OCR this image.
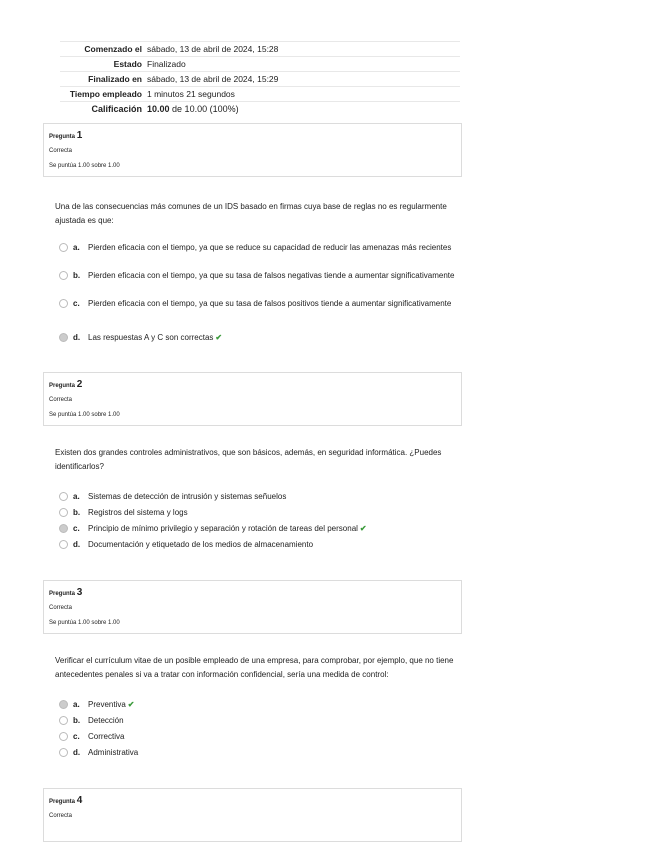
Comenzado el sábado, 13 de abril de 2024, 15:28
Estado Finalizado
Finalizado en sábado, 13 de abril de 2024, 15:29
Tiempo empleado 1 minutos 21 segundos
Calificación 10.00 de 10.00 (100%)
Pregunta 1
Correcta
Se puntúa 1.00 sobre 1.00
Una de las consecuencias más comunes de un IDS basado en firmas cuya base de reglas no es regularmente ajustada es que:
a. Pierden eficacia con el tiempo, ya que se reduce su capacidad de reducir las amenazas más recientes
b. Pierden eficacia con el tiempo, ya que su tasa de falsos negativas tiende a aumentar significativamente
c. Pierden eficacia con el tiempo, ya que su tasa de falsos positivos tiende a aumentar significativamente
d. Las respuestas A y C son correctas ✔
Pregunta 2
Correcta
Se puntúa 1.00 sobre 1.00
Existen dos grandes controles administrativos, que son básicos, además, en seguridad informática. ¿Puedes identificarlos?
a. Sistemas de detección de intrusión y sistemas señuelos
b. Registros del sistema y logs
c. Principio de mínimo privilegio y separación y rotación de tareas del personal ✔
d. Documentación y etiquetado de los medios de almacenamiento
Pregunta 3
Correcta
Se puntúa 1.00 sobre 1.00
Verificar el currículum vitae de un posible empleado de una empresa, para comprobar, por ejemplo, que no tiene antecedentes penales si va a tratar con información confidencial, sería una medida de control:
a. Preventiva ✔
b. Detección
c. Correctiva
d. Administrativa
Pregunta 4
Correcta
